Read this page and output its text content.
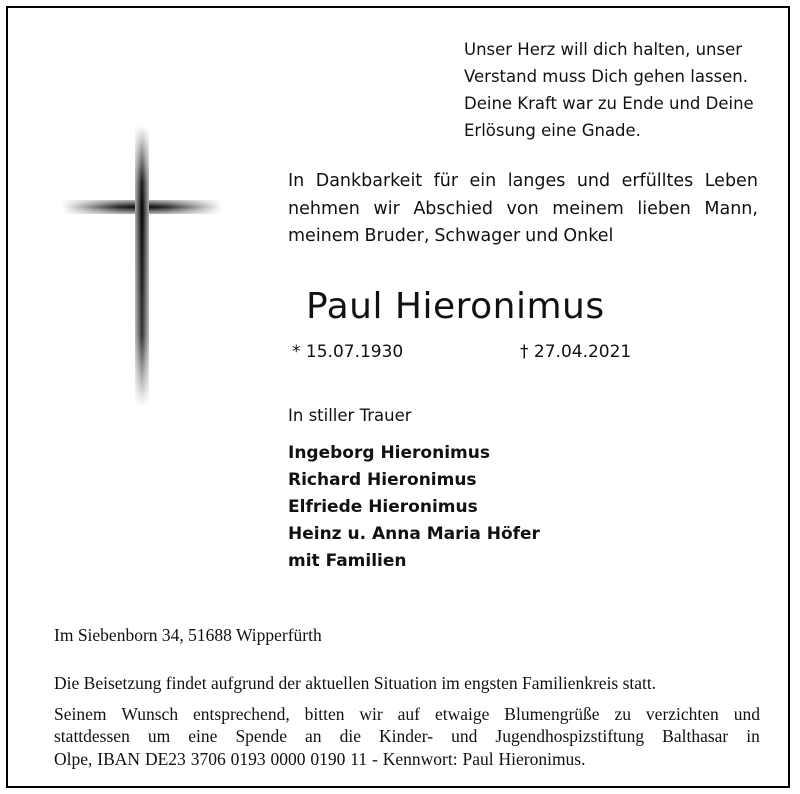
Unser Herz will dich halten, unser
Verstand muss Dich gehen lassen.
Deine Kraft war zu Ende und Deine
Erlösung eine Gnade.
In Dankbarkeit für ein langes und erfülltes Leben
nehmen wir Abschied von meinem lieben Mann,
meinem Bruder, Schwager und Onkel
Paul Hieronimus
* 15.07.1930	† 27.04.2021
In stiller Trauer
Ingeborg Hieronimus
Richard Hieronimus
Elfriede Hieronimus
Heinz u. Anna Maria Höfer
mit Familien
Im Siebenborn 34, 51688 Wipperfürth
Die Beisetzung findet aufgrund der aktuellen Situation im engsten Familienkreis statt.
Seinem Wunsch entsprechend, bitten wir auf etwaige Blumengrüße zu verzichten und
stattdessen um eine Spende an die Kinder- und Jugendhospizstiftung Balthasar in
Olpe, IBAN DE23 3706 0193 0000 0190 11 - Kennwort: Paul Hieronimus.
